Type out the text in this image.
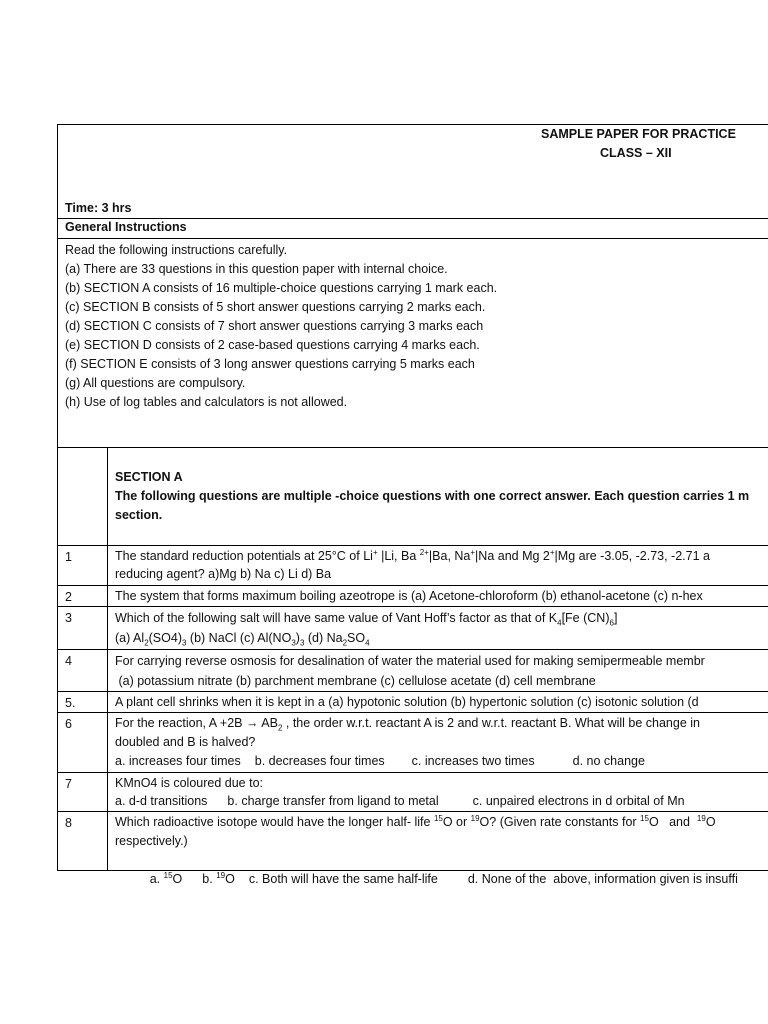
SAMPLE PAPER FOR PRACTICE
CLASS – XII
Time: 3 hrs
General Instructions
Read the following instructions carefully.
(a) There are 33 questions in this question paper with internal choice.
(b) SECTION A consists of 16 multiple-choice questions carrying 1 mark each.
(c) SECTION B consists of 5 short answer questions carrying 2 marks each.
(d) SECTION C consists of 7 short answer questions carrying 3 marks each
(e) SECTION D consists of 2 case-based questions carrying 4 marks each.
(f) SECTION E consists of 3 long answer questions carrying 5 marks each
(g) All questions are compulsory.
(h) Use of log tables and calculators is not allowed.
SECTION A
The following questions are multiple -choice questions with one correct answer. Each question carries 1 m
section.
1	The standard reduction potentials at 25°C of Li+ |Li, Ba $^{2+}$|Ba, Na+|Na and Mg 2+|Mg are -3.05, -2.73, -2.71 a
reducing agent? a)Mg b) Na c) Li d) Ba
2	The system that forms maximum boiling azeotrope is (a) Acetone-chloroform (b) ethanol-acetone (c) n-hex
3	Which of the following salt will have same value of Vant Hoff’s factor as that of $K_4[Fe$ $(CN)_6$]
(a) $Al_2(SO4)_3$ (b) NaCl (c) $Al(NO_3)_3$ (d) $Na_2SO_4$
4	For carrying reverse osmosis for desalination of water the material used for making semipermeable membr
(a) potassium nitrate (b) parchment membrane (c) cellulose acetate (d) cell membrane
5.	A plant cell shrinks when it is kept in a (a) hypotonic solution (b) hypertonic solution (c) isotonic solution (d
6	For the reaction, $A +2B \to AB_2$ , the order w.r.t. reactant A is 2 and w.r.t. reactant B. What will be change in
doubled and B is halved?
a. increases four times b. decreases four times c. increases two times	d. no change
7	KMnO4 is coloured due to:
a. d-d transitions b. charge transfer from ligand to metal	c. unpaired electrons in d orbital of Mn
8	Which radioactive isotope would have the longer half- life $^{15}$O or $^{19}$O? (Given rate constants for $^{15}$O   and  $^{19}$O
respectively.)

a. $^{15}$O b. $^{19}$O c. Both will have the same half-life d. None of the  above, information given is insuffi
